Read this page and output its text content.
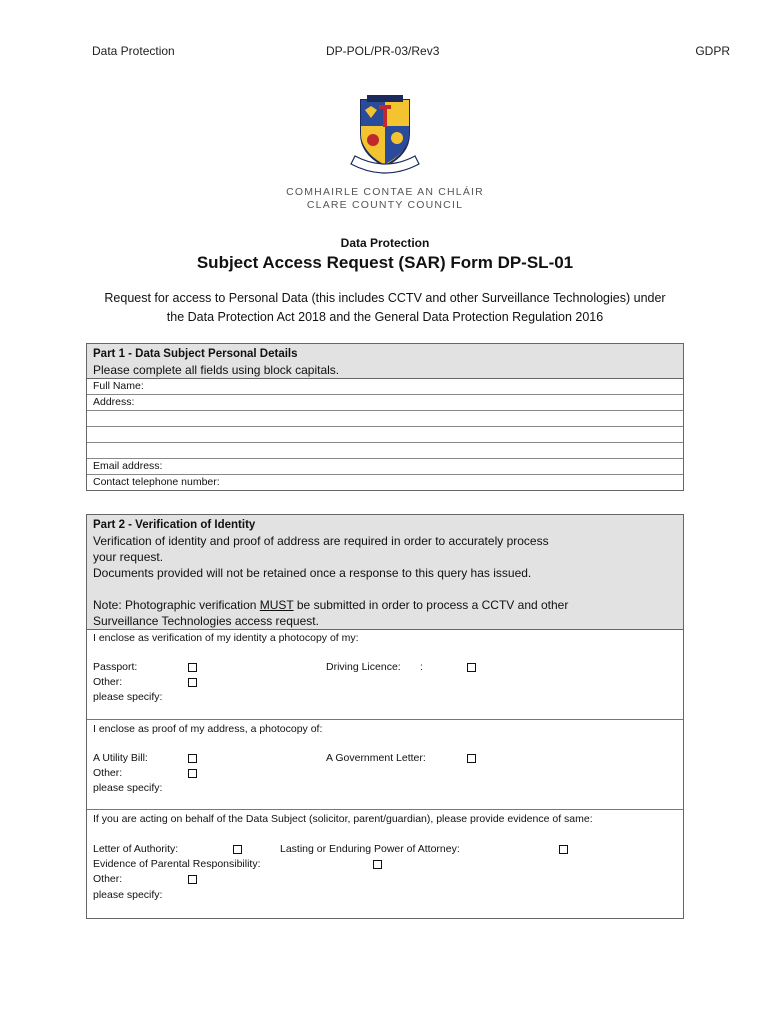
Data Protection	DP-POL/PR-03/Rev3	GDPR
COMHAIRLE CONTAE AN CHLÁIR
CLARE COUNTY COUNCIL
Data Protection
Subject Access Request (SAR) Form DP-SL-01
Request for access to Personal Data (this includes CCTV and other Surveillance Technologies) under
the Data Protection Act 2018 and the General Data Protection Regulation 2016
Part 1 - Data Subject Personal Details
Please complete all fields using block capitals.
Full Name:
Address:
Email address:
Contact telephone number:
Part 2 - Verification of Identity
Verification of identity and proof of address are required in order to accurately process
your request.
Documents provided will not be retained once a response to this query has issued.
Note: Photographic verification MUST be submitted in order to process a CCTV and other
Surveillance Technologies access request.
I enclose as verification of my identity a photocopy of my:
Passport:	Driving Licence: :
Other:
please specify:
I enclose as proof of my address, a photocopy of:
A Utility Bill:	A Government Letter:
Other:
please specify:
If you are acting on behalf of the Data Subject (solicitor, parent/guardian), please provide evidence of same:
Letter of Authority:	Lasting or Enduring Power of Attorney:
Evidence of Parental Responsibility:
Other:
please specify:
